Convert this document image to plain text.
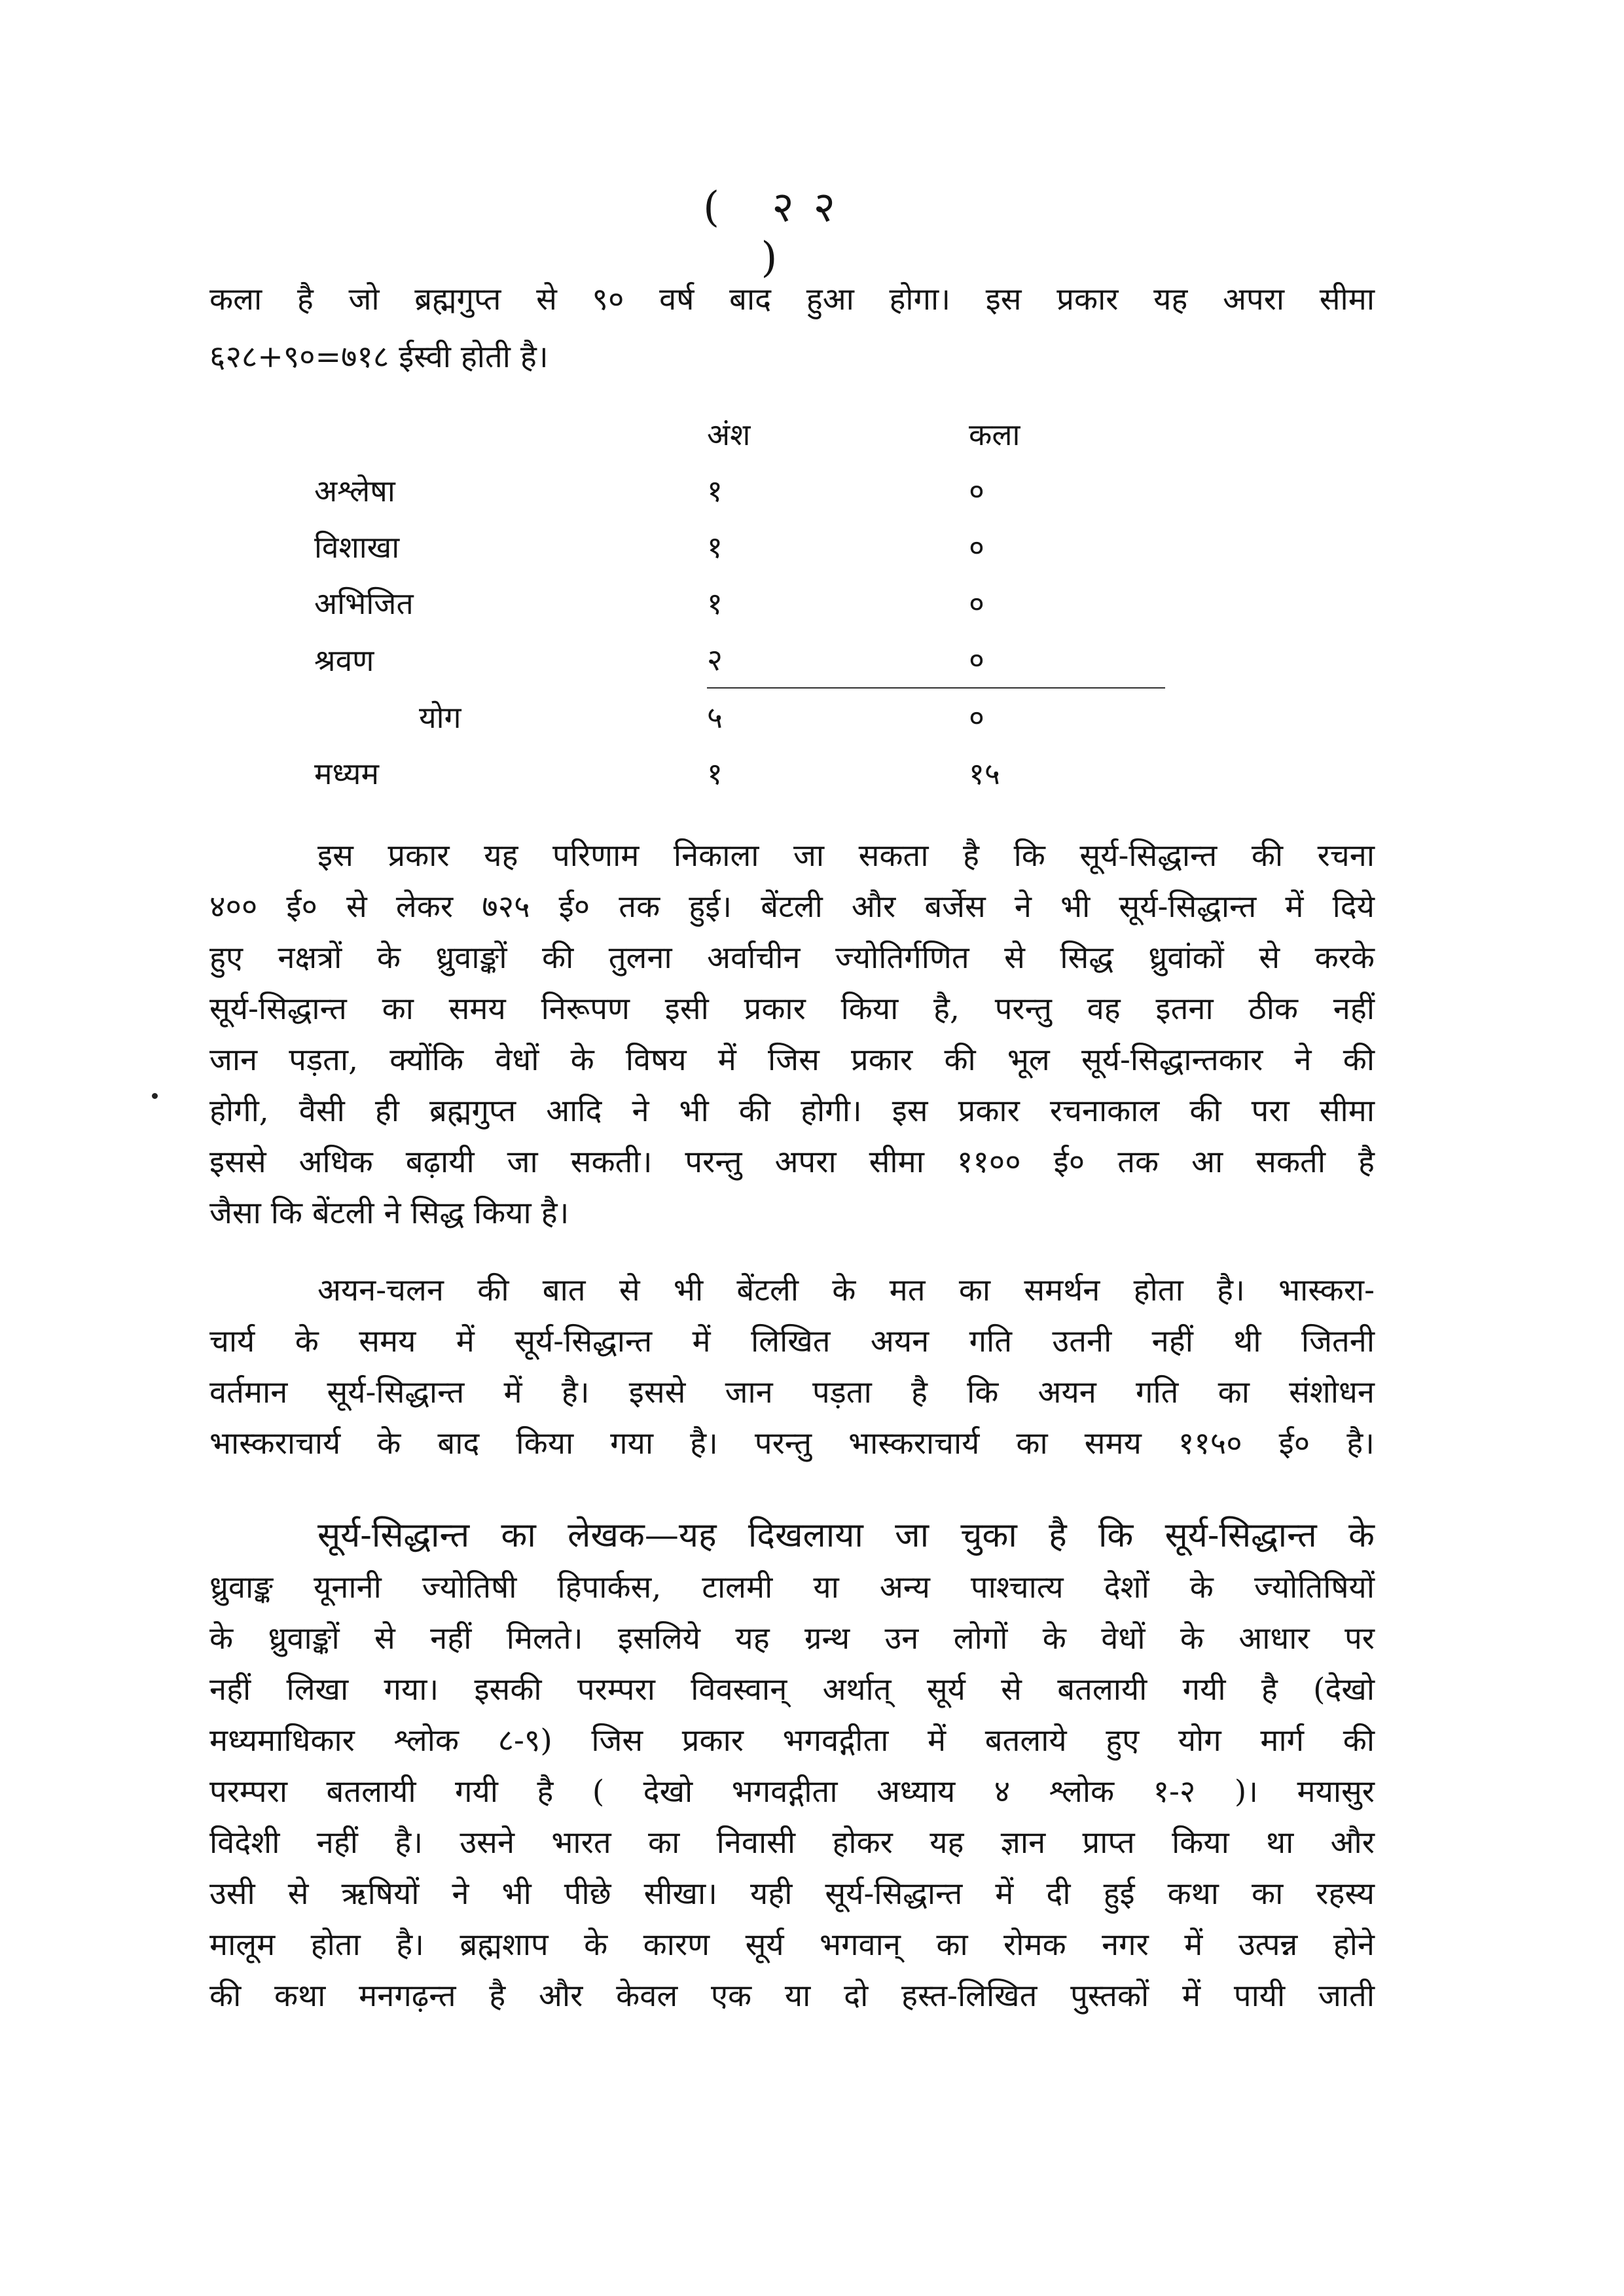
( २२ )
कला है जो ब्रह्मगुप्त से ९० वर्ष बाद हुआ होगा। इस प्रकार यह अपरा सीमा
६२८+९०=७१८ ईस्वी होती है।
	अंश	कला
अश्लेषा	१	०
विशाखा	१	०
अभिजित	१	०
श्रवण	२	०
योग	५	०
मध्यम	१	१५
इस प्रकार यह परिणाम निकाला जा सकता है कि सूर्य-सिद्धान्त की रचना
४०० ई० से लेकर ७२५ ई० तक हुई। बेंटली और बर्जेस ने भी सूर्य-सिद्धान्त में दिये
हुए नक्षत्रों के ध्रुवाङ्कों की तुलना अर्वाचीन ज्योतिर्गणित से सिद्ध ध्रुवांकों से करके
सूर्य-सिद्धान्त का समय निरूपण इसी प्रकार किया है, परन्तु वह इतना ठीक नहीं
जान पड़ता, क्योंकि वेधों के विषय में जिस प्रकार की भूल सूर्य-सिद्धान्तकार ने की
होगी, वैसी ही ब्रह्मगुप्त आदि ने भी की होगी। इस प्रकार रचनाकाल की परा सीमा
इससे अधिक बढ़ायी जा सकती। परन्तु अपरा सीमा ११०० ई० तक आ सकती है
जैसा कि बेंटली ने सिद्ध किया है।
अयन-चलन की बात से भी बेंटली के मत का समर्थन होता है। भास्करा-
चार्य के समय में सूर्य-सिद्धान्त में लिखित अयन गति उतनी नहीं थी जितनी
वर्तमान सूर्य-सिद्धान्त में है। इससे जान पड़ता है कि अयन गति का संशोधन
भास्कराचार्य के बाद किया गया है। परन्तु भास्कराचार्य का समय ११५० ई० है।
सूर्य-सिद्धान्त का लेखक—यह दिखलाया जा चुका है कि सूर्य-सिद्धान्त के
ध्रुवाङ्क यूनानी ज्योतिषी हिपार्कस, टालमी या अन्य पाश्चात्य देशों के ज्योतिषियों
के ध्रुवाङ्कों से नहीं मिलते। इसलिये यह ग्रन्थ उन लोगों के वेधों के आधार पर
नहीं लिखा गया। इसकी परम्परा विवस्वान् अर्थात् सूर्य से बतलायी गयी है (देखो
मध्यमाधिकार श्लोक ८-९) जिस प्रकार भगवद्गीता में बतलाये हुए योग मार्ग की
परम्परा बतलायी गयी है ( देखो भगवद्गीता अध्याय ४ श्लोक १-२ )। मयासुर
विदेशी नहीं है। उसने भारत का निवासी होकर यह ज्ञान प्राप्त किया था और
उसी से ऋषियों ने भी पीछे सीखा। यही सूर्य-सिद्धान्त में दी हुई कथा का रहस्य
मालूम होता है। ब्रह्मशाप के कारण सूर्य भगवान् का रोमक नगर में उत्पन्न होने
की कथा मनगढ़न्त है और केवल एक या दो हस्त-लिखित पुस्तकों में पायी जाती
